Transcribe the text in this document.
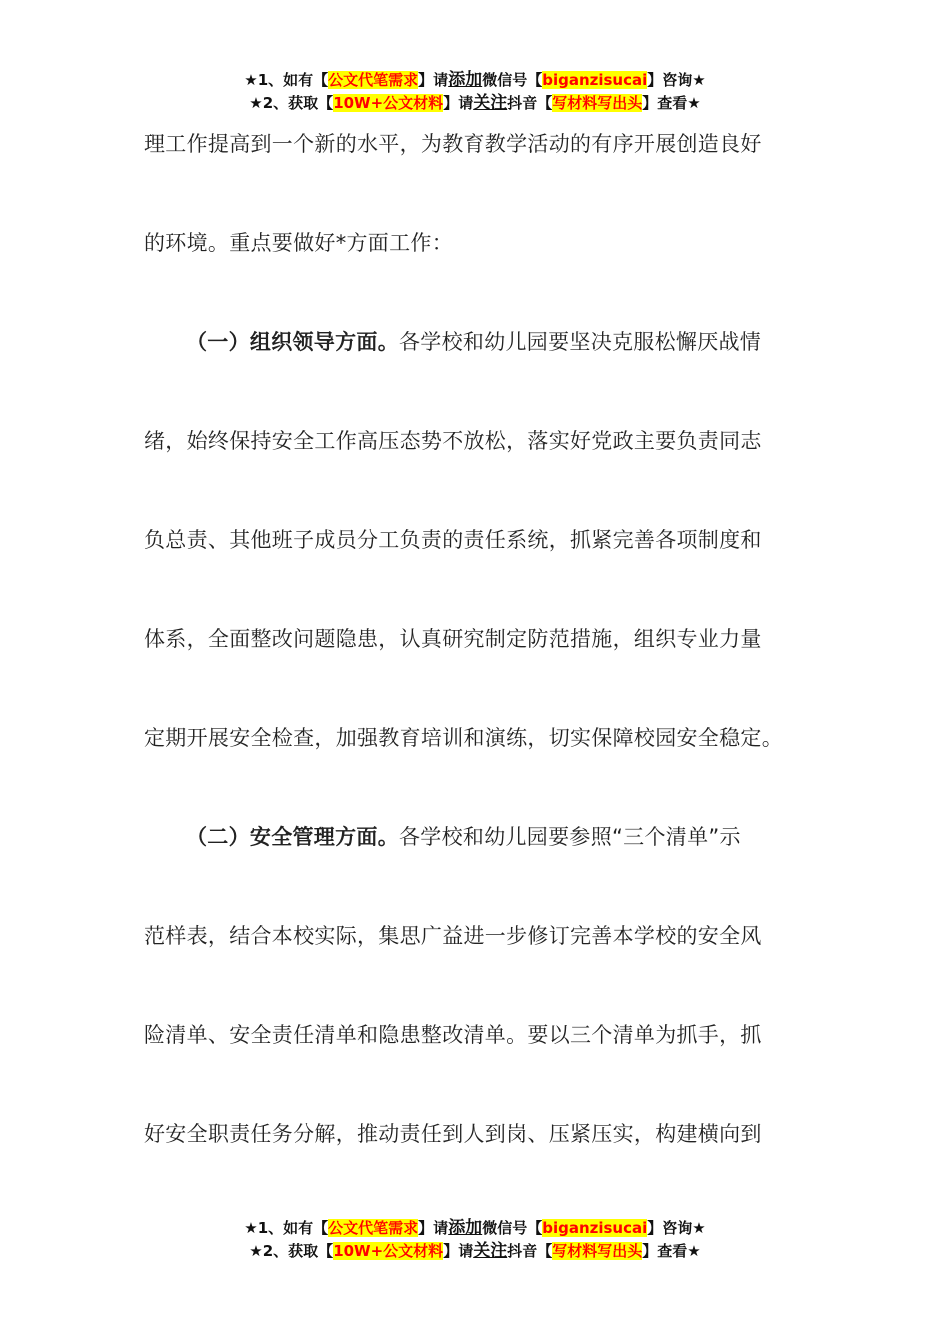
★1、如有【公文代笔需求】请添加微信号【biganzisucai】咨询★
★2、获取【10W+公文材料】请关注抖音【写材料写出头】查看★
理工作提高到一个新的水平，为教育教学活动的有序开展创造良好
的环境。重点要做好*方面工作：
（一）组织领导方面。各学校和幼儿园要坚决克服松懈厌战情
绪，始终保持安全工作高压态势不放松，落实好党政主要负责同志
负总责、其他班子成员分工负责的责任系统，抓紧完善各项制度和
体系，全面整改问题隐患，认真研究制定防范措施，组织专业力量
定期开展安全检查，加强教育培训和演练，切实保障校园安全稳定。
（二）安全管理方面。各学校和幼儿园要参照“三个清单”示
范样表，结合本校实际，集思广益进一步修订完善本学校的安全风
险清单、安全责任清单和隐患整改清单。要以三个清单为抓手，抓
好安全职责任务分解，推动责任到人到岗、压紧压实，构建横向到
★1、如有【公文代笔需求】请添加微信号【biganzisucai】咨询★
★2、获取【10W+公文材料】请关注抖音【写材料写出头】查看★
